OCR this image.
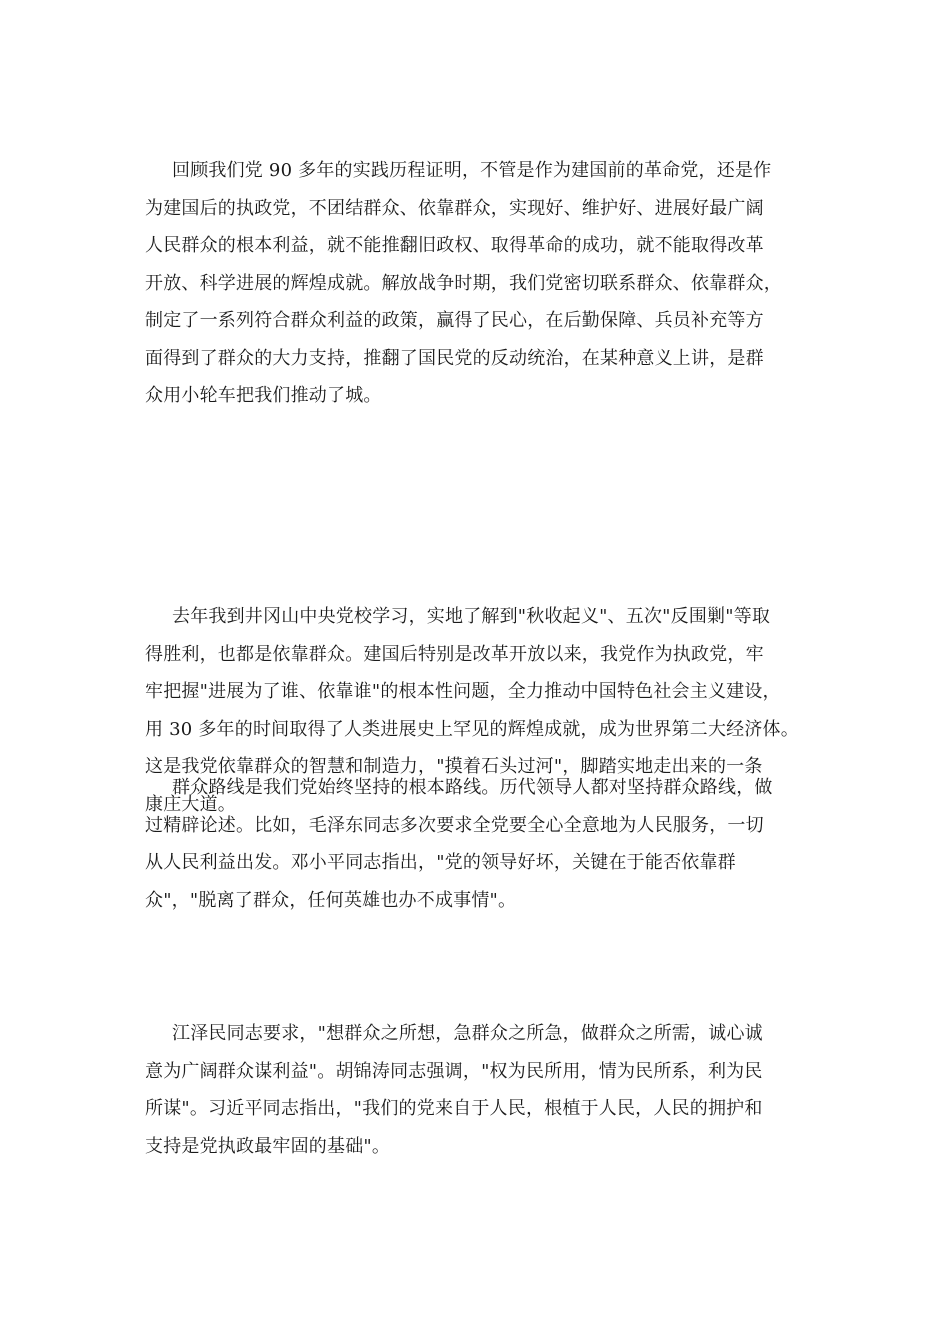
回顾我们党 90 多年的实践历程证明，不管是作为建国前的革命党，还是作
为建国后的执政党，不团结群众、依靠群众，实现好、维护好、进展好最广阔
人民群众的根本利益，就不能推翻旧政权、取得革命的成功，就不能取得改革
开放、科学进展的辉煌成就。解放战争时期，我们党密切联系群众、依靠群众，
制定了一系列符合群众利益的政策，赢得了民心，在后勤保障、兵员补充等方
面得到了群众的大力支持，推翻了国民党的反动统治，在某种意义上讲，是群
众用小轮车把我们推动了城。
去年我到井冈山中央党校学习，实地了解到"秋收起义"、五次"反围剿"等取
得胜利，也都是依靠群众。建国后特别是改革开放以来，我党作为执政党，牢
牢把握"进展为了谁、依靠谁"的根本性问题，全力推动中国特色社会主义建设，
用 30 多年的时间取得了人类进展史上罕见的辉煌成就，成为世界第二大经济体。
这是我党依靠群众的智慧和制造力，"摸着石头过河"，脚踏实地走出来的一条
康庄大道。
群众路线是我们党始终坚持的根本路线。历代领导人都对坚持群众路线，做
过精辟论述。比如，毛泽东同志多次要求全党要全心全意地为人民服务，一切
从人民利益出发。邓小平同志指出，"党的领导好坏，关键在于能否依靠群
众"，"脱离了群众，任何英雄也办不成事情"。
江泽民同志要求，"想群众之所想，急群众之所急，做群众之所需，诚心诚
意为广阔群众谋利益"。胡锦涛同志强调，"权为民所用，情为民所系，利为民
所谋"。习近平同志指出，"我们的党来自于人民，根植于人民，人民的拥护和
支持是党执政最牢固的基础"。
